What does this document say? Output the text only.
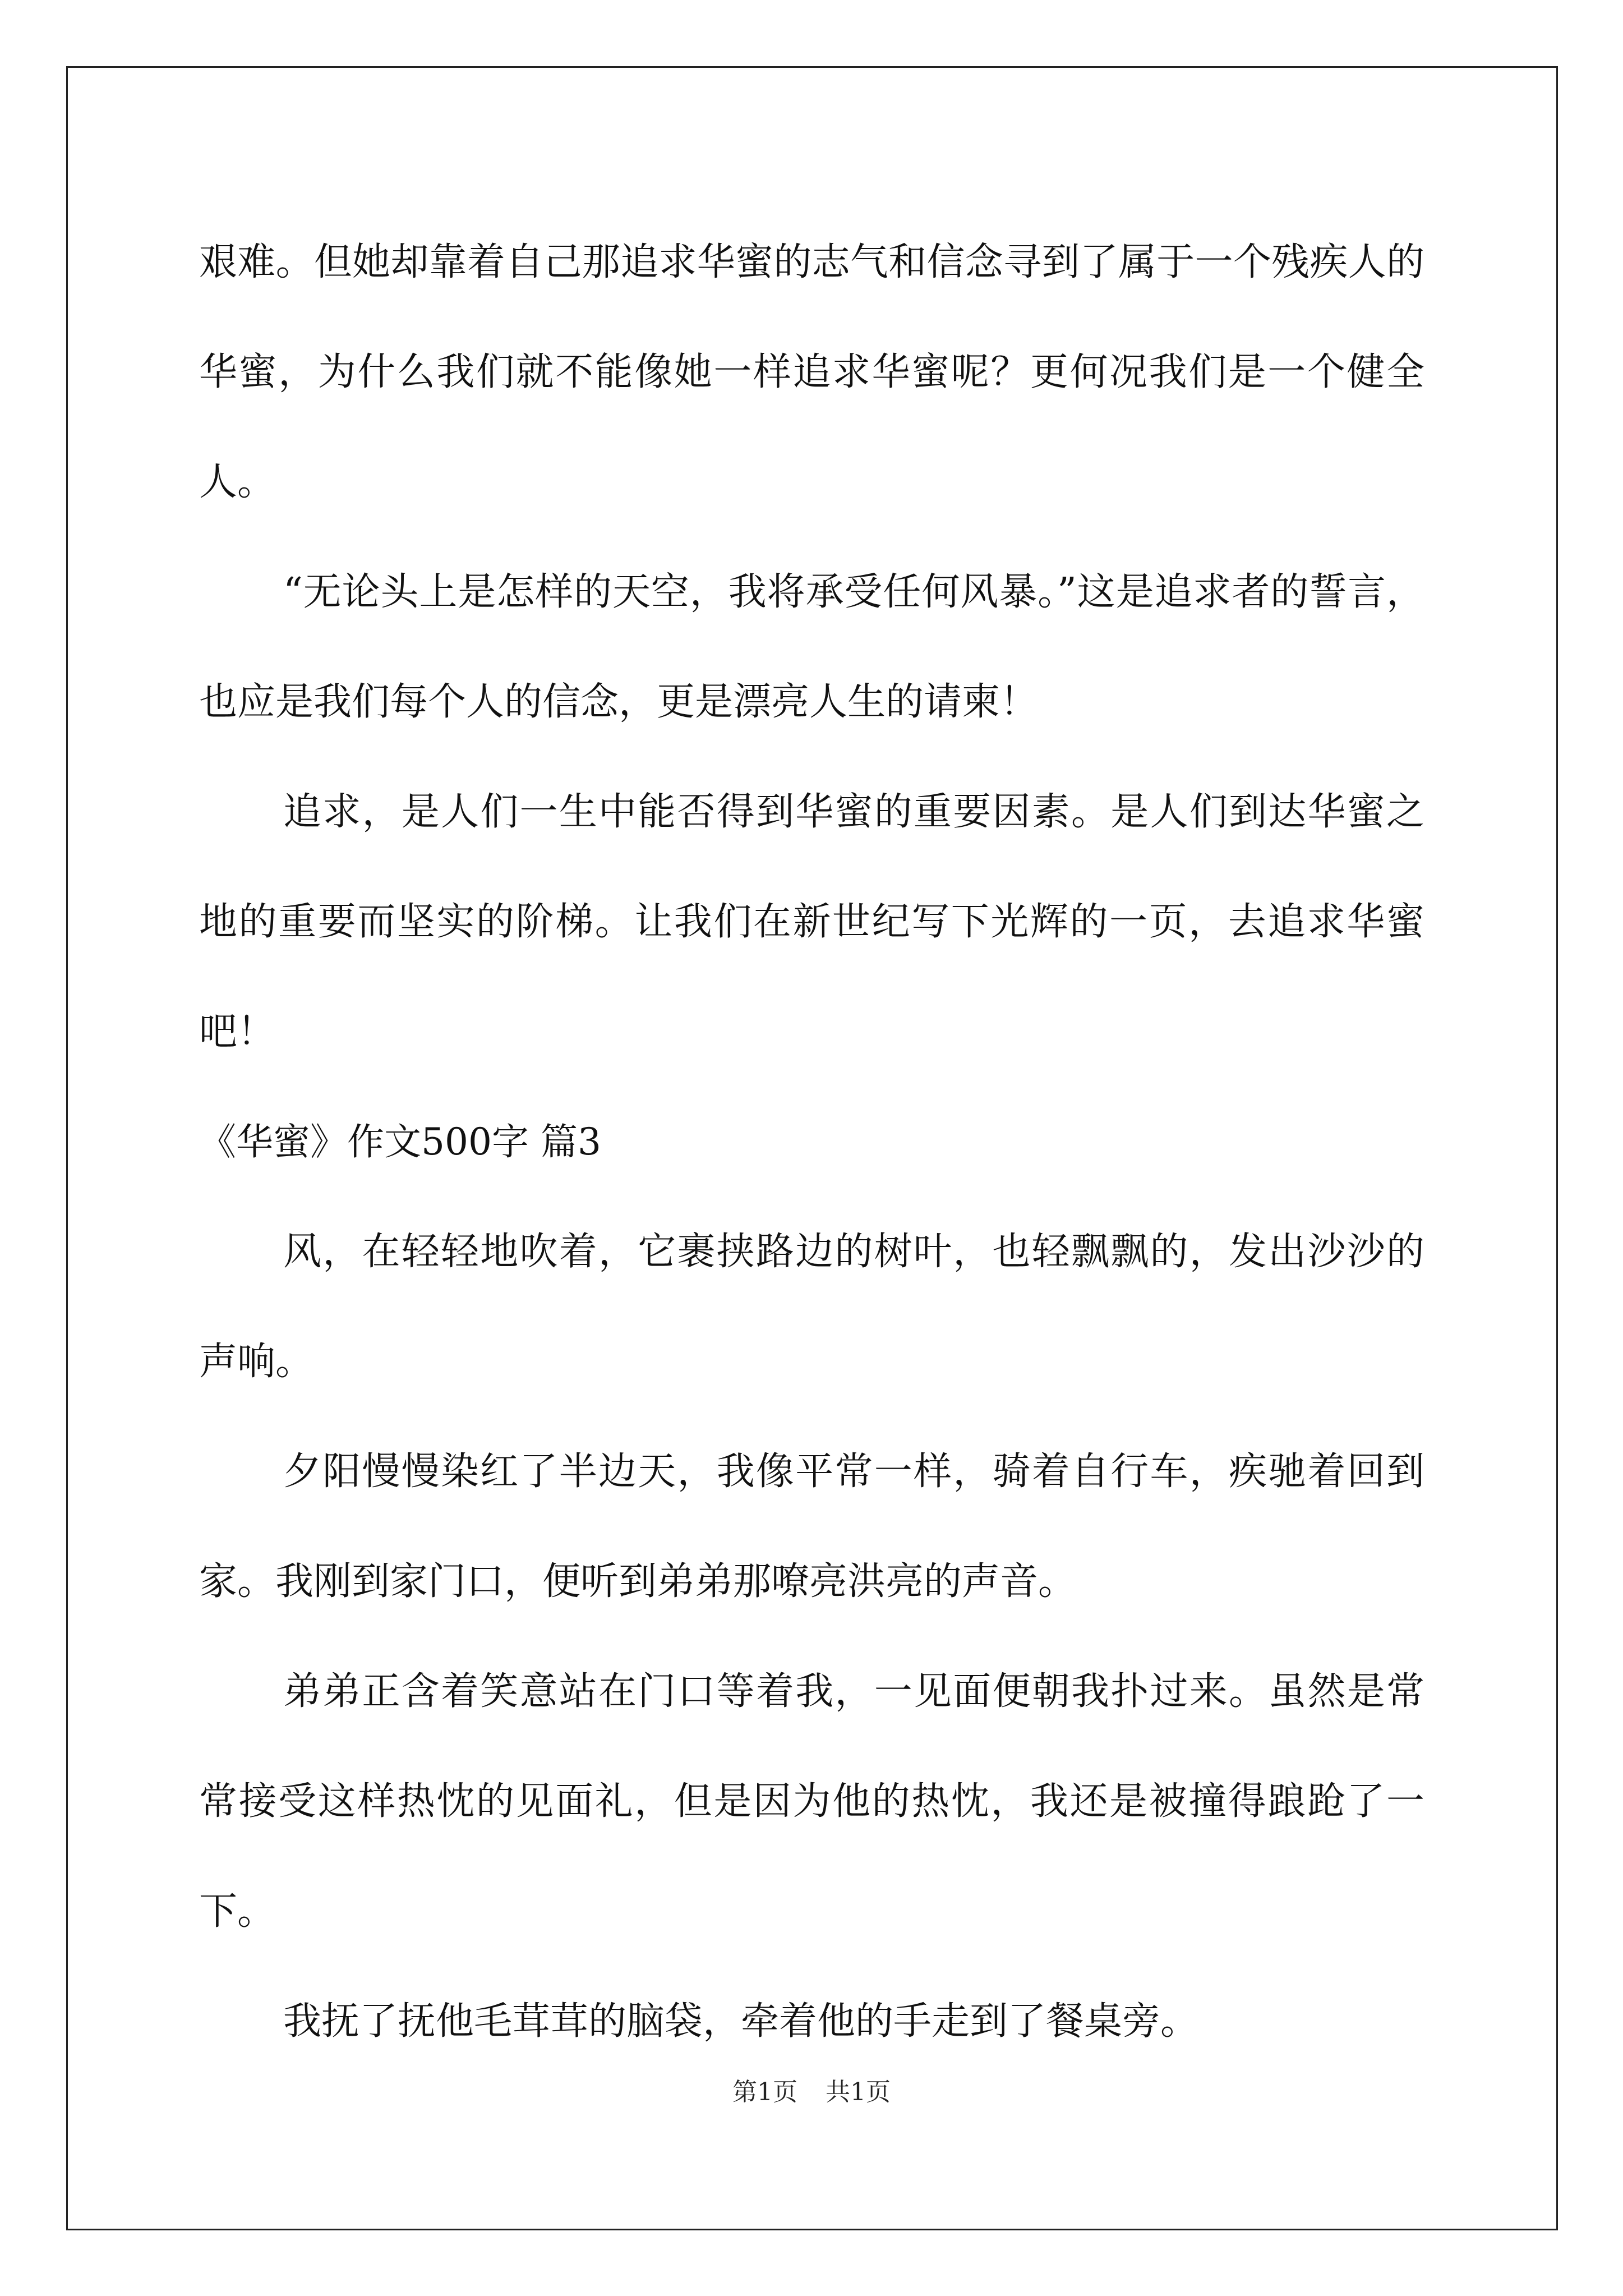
艰难。但她却靠着自己那追求华蜜的志气和信念寻到了属于一个残疾人的华蜜，为什么我们就不能像她一样追求华蜜呢？更何况我们是一个健全人。

“无论头上是怎样的天空，我将承受任何风暴。”这是追求者的誓言，也应是我们每个人的信念，更是漂亮人生的请柬！

追求，是人们一生中能否得到华蜜的重要因素。是人们到达华蜜之地的重要而坚实的阶梯。让我们在新世纪写下光辉的一页，去追求华蜜吧！

《华蜜》作文500字 篇3

风，在轻轻地吹着，它裹挟路边的树叶，也轻飘飘的，发出沙沙的声响。

夕阳慢慢染红了半边天，我像平常一样，骑着自行车，疾驰着回到家。我刚到家门口，便听到弟弟那嘹亮洪亮的声音。

弟弟正含着笑意站在门口等着我，一见面便朝我扑过来。虽然是常常接受这样热忱的见面礼，但是因为他的热忱，我还是被撞得踉跄了一下。

我抚了抚他毛茸茸的脑袋，牵着他的手走到了餐桌旁。

第1页 共1页
